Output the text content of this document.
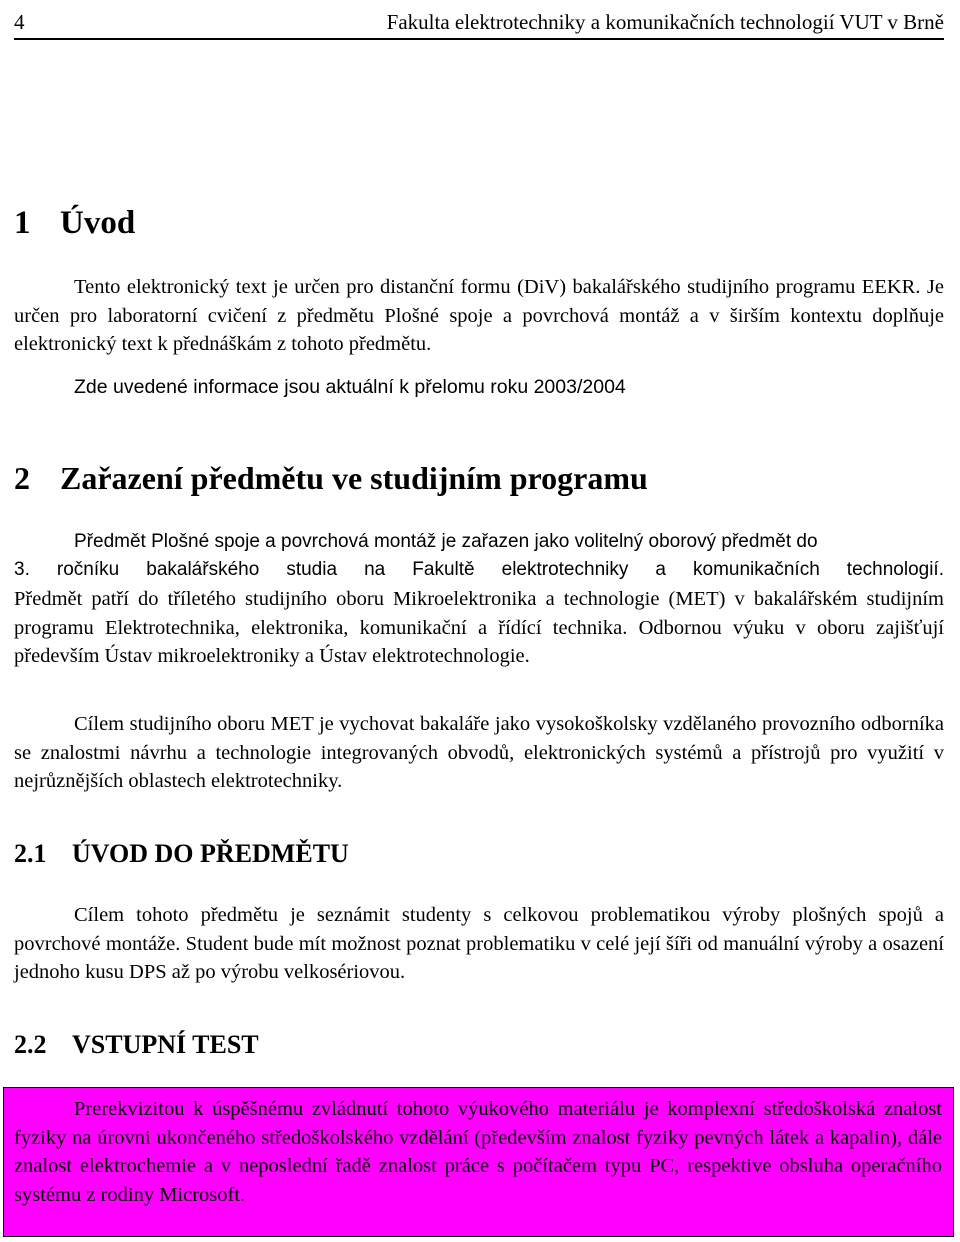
4	Fakulta elektrotechniky a komunikačních technologií VUT v Brně
1 Úvod
Tento elektronický text je určen pro distanční formu (DiV) bakalářského studijního programu EEKR. Je určen pro laboratorní cvičení z předmětu Plošné spoje a povrchová montáž a v širším kontextu doplňuje elektronický text k přednáškám z tohoto předmětu.
Zde uvedené informace jsou aktuální k přelomu roku 2003/2004
2 Zařazení předmětu ve studijním programu
Předmět Plošné spoje a povrchová montáž je zařazen jako volitelný oborový předmět do
3. ročníku bakalářského studia na Fakultě elektrotechniky a komunikačních technologií.
Předmět patří do tříletého studijního oboru Mikroelektronika a technologie (MET) v bakalářském studijním programu Elektrotechnika, elektronika, komunikační a řídící technika. Odbornou výuku v oboru zajišťují především Ústav mikroelektroniky a Ústav elektrotechnologie.
Cílem studijního oboru MET je vychovat bakaláře jako vysokoškolsky vzdělaného provozního odborníka se znalostmi návrhu a technologie integrovaných obvodů, elektronických systémů a přístrojů pro využití v nejrůznějších oblastech elektrotechniky.
2.1 ÚVOD DO PŘEDMĚTU
Cílem tohoto předmětu je seznámit studenty s celkovou problematikou výroby plošných spojů a povrchové montáže. Student bude mít možnost poznat problematiku v celé její šíři od manuální výroby a osazení jednoho kusu DPS až po výrobu velkosériovou.
2.2 VSTUPNÍ TEST
Prerekvizitou k úspěšnému zvládnutí tohoto výukového materiálu je komplexní středoškolská znalost fyziky na úrovni ukončeného středoškolského vzdělání (především znalost fyziky pevných látek a kapalin), dále znalost elektrochemie a v neposlední řadě znalost práce s počítačem typu PC, respektive obsluha operačního systému z rodiny Microsoft.
